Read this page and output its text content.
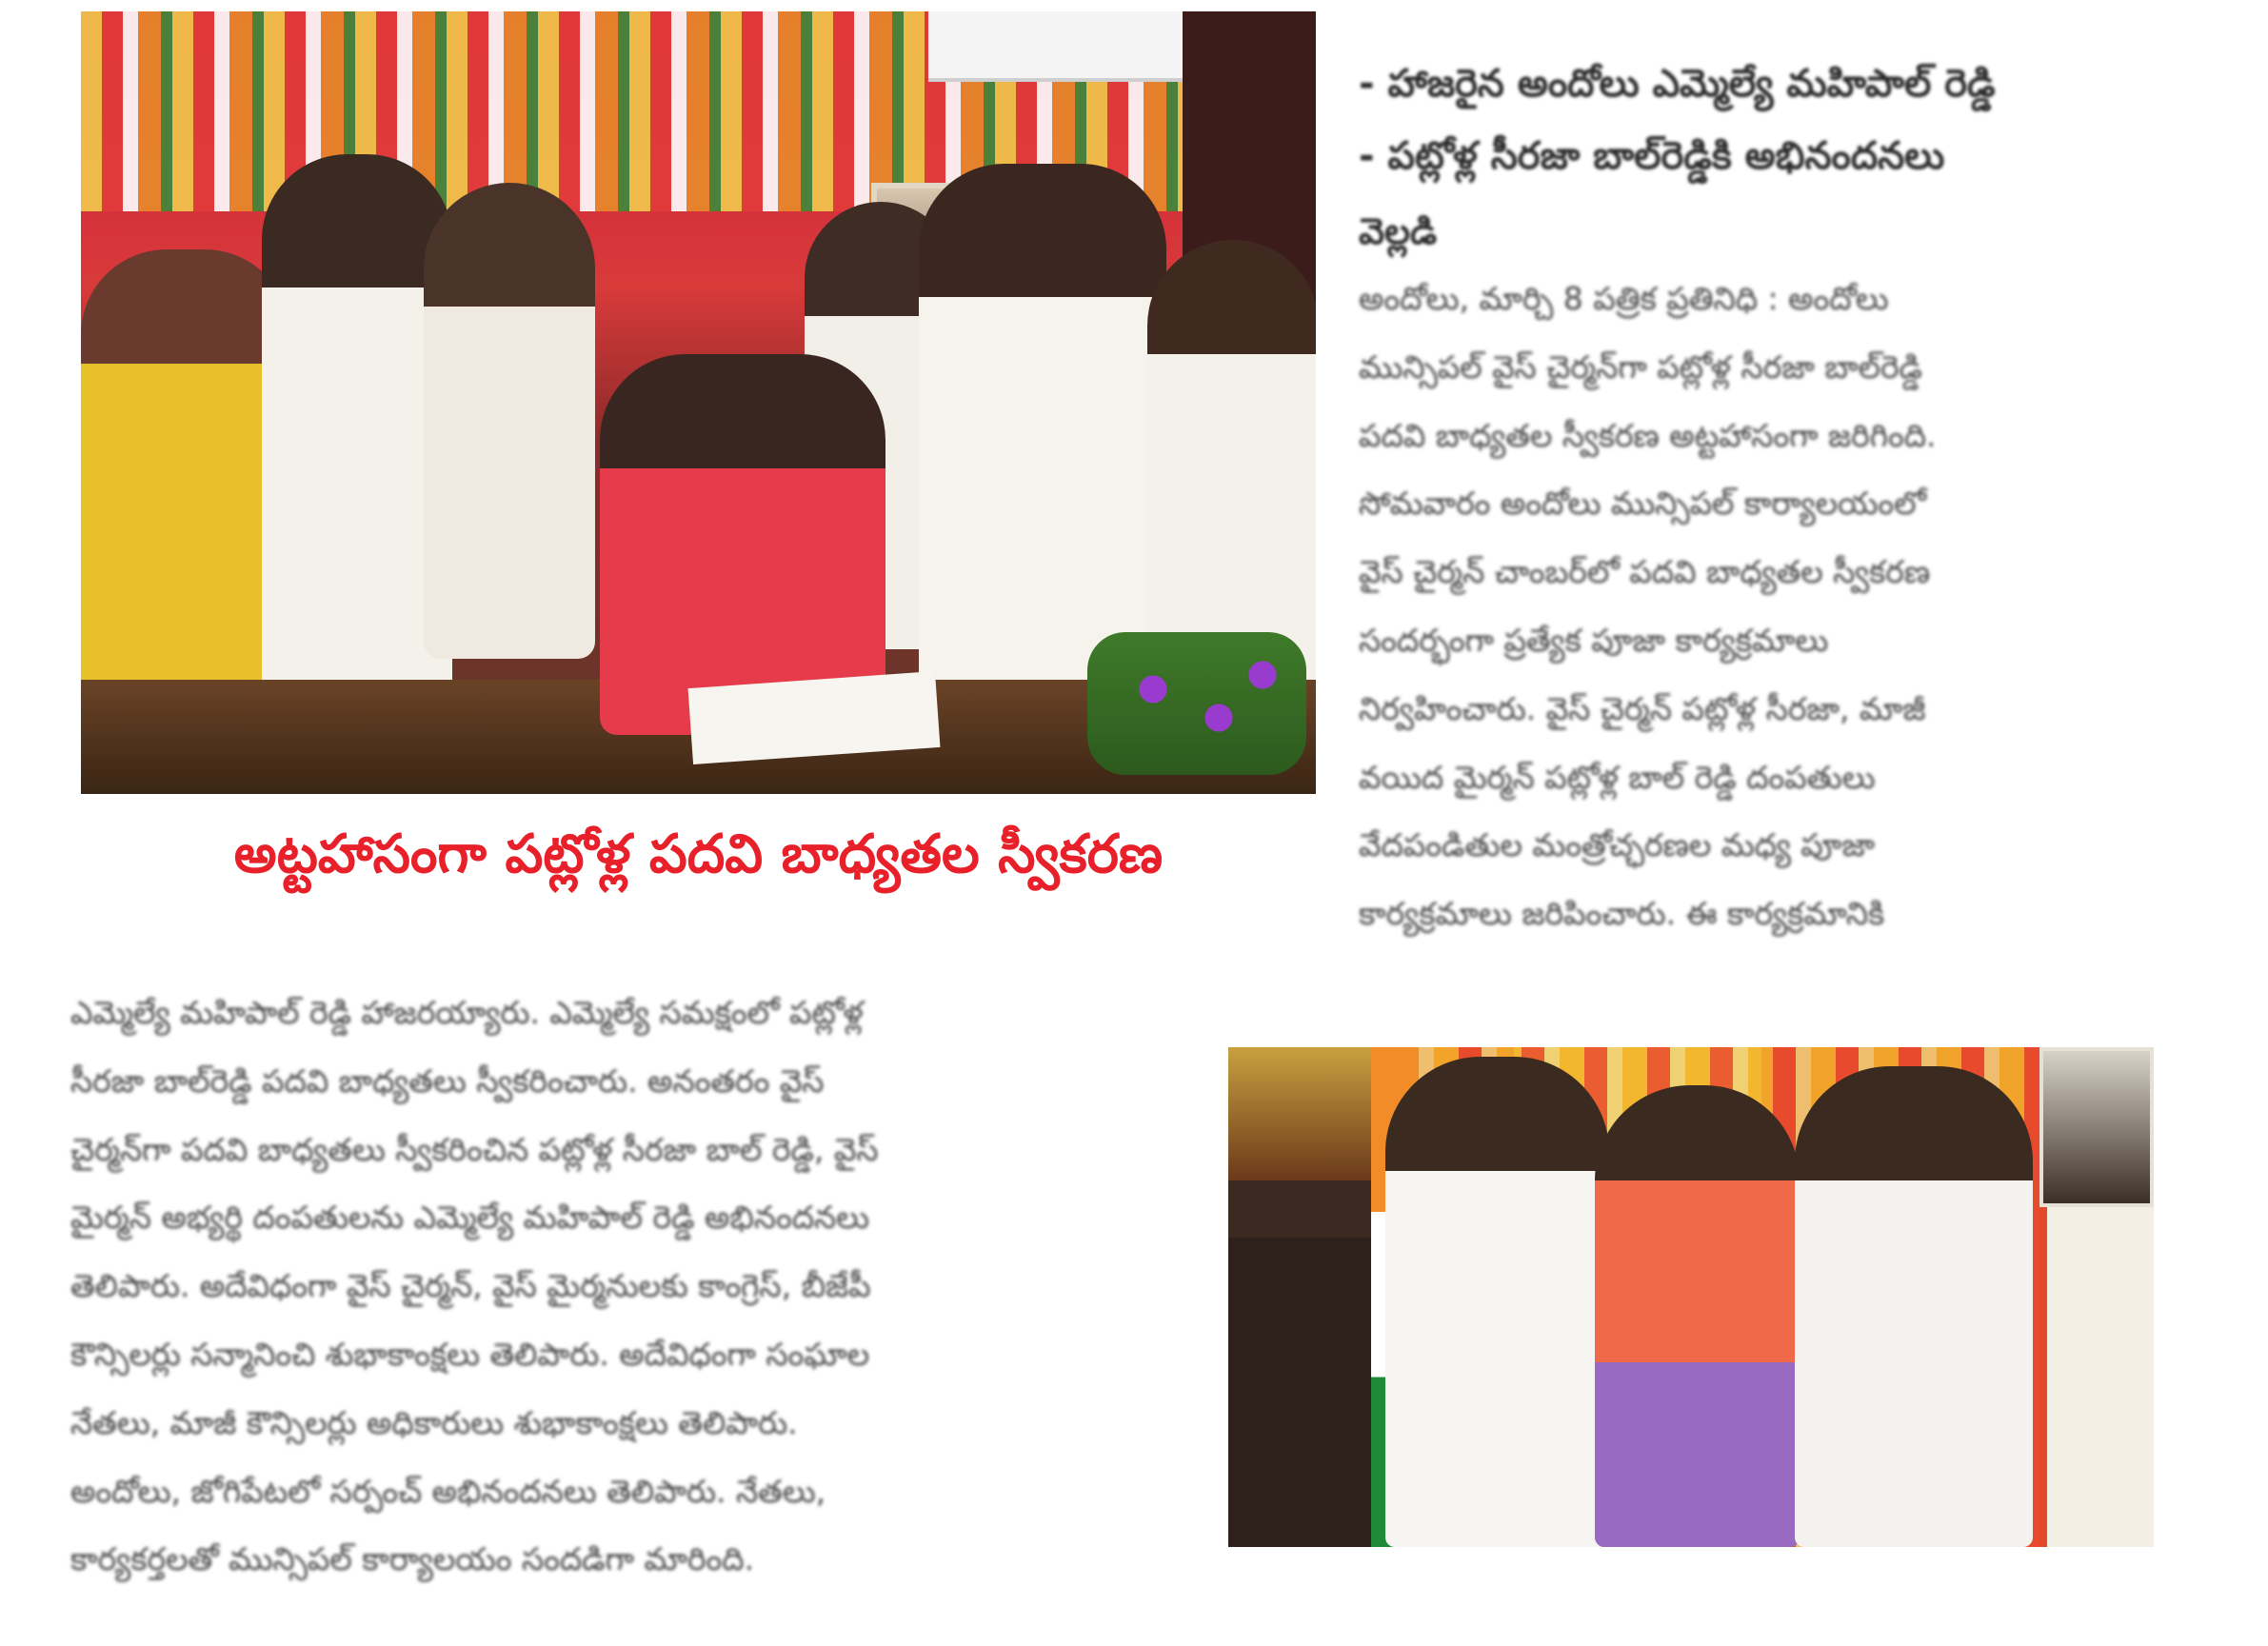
అట్టహాసంగా పట్లోళ్ల పదవి బాధ్యతల స్వీకరణ

- హాజరైన అందోలు ఎమ్మెల్యే మహిపాల్ రెడ్డి

- పట్లోళ్ల సీరజా బాల్‌రెడ్డికి అభినందనలు

వెల్లడి

అందోలు, మార్చి 8 పత్రిక ప్రతినిధి : అందోలు
మున్సిపల్ వైస్ చైర్మన్‌గా పట్లోళ్ల సీరజా బాల్‌రెడ్డి
పదవి బాధ్యతల స్వీకరణ అట్టహాసంగా జరిగింది.
సోమవారం అందోలు మున్సిపల్ కార్యాలయంలో
వైస్ చైర్మన్ చాంబర్‌లో పదవి బాధ్యతల స్వీకరణ
సందర్భంగా ప్రత్యేక పూజా కార్యక్రమాలు
నిర్వహించారు. వైస్ చైర్మన్ పట్లోళ్ల సీరజా, మాజీ
వయిద మైర్మన్ పట్లోళ్ల బాల్ రెడ్డి దంపతులు
వేదపండితుల మంత్రోచ్ఛరణల మధ్య పూజా
కార్యక్రమాలు జరిపించారు. ఈ కార్యక్రమానికి

ఎమ్మెల్యే మహిపాల్ రెడ్డి హాజరయ్యారు. ఎమ్మెల్యే సమక్షంలో పట్లోళ్ల
సీరజా బాల్‌రెడ్డి పదవి బాధ్యతలు స్వీకరించారు. అనంతరం వైస్
చైర్మన్‌గా పదవి బాధ్యతలు స్వీకరించిన పట్లోళ్ల సీరజా బాల్ రెడ్డి, వైస్
మైర్మన్ అభ్యర్థి దంపతులను ఎమ్మెల్యే మహిపాల్ రెడ్డి అభినందనలు
తెలిపారు. అదేవిధంగా వైస్ చైర్మన్, వైస్ మైర్మనులకు కాంగ్రెస్, బీజేపీ
కౌన్సిలర్లు సన్మానించి శుభాకాంక్షలు తెలిపారు. అదేవిధంగా సంఘాల
నేతలు, మాజీ కౌన్సిలర్లు అధికారులు శుభాకాంక్షలు తెలిపారు.
అందోలు, జోగిపేటలో సర్పంచ్ అభినందనలు తెలిపారు. నేతలు,
కార్యకర్తలతో మున్సిపల్ కార్యాలయం సందడిగా మారింది.
